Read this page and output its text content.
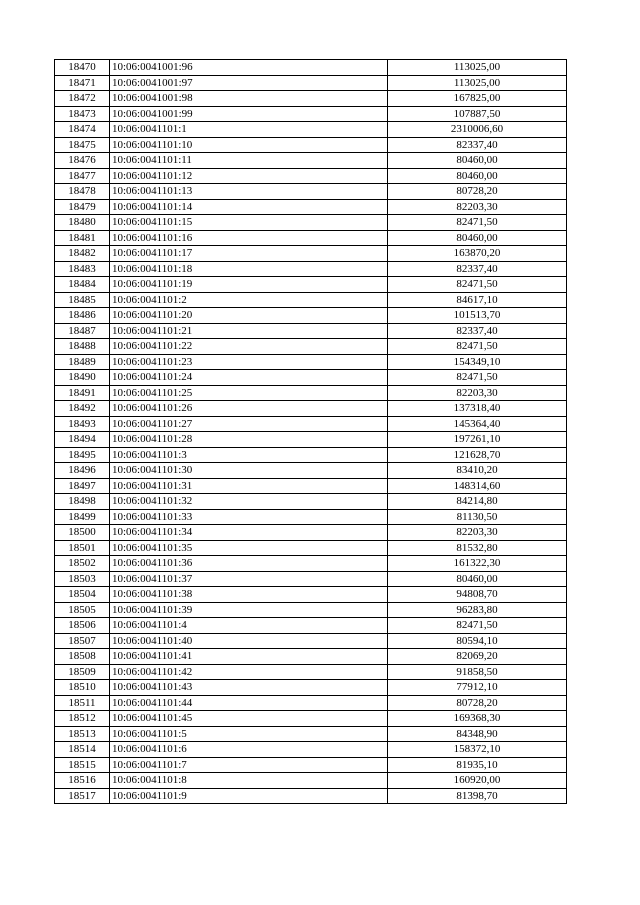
18470	10:06:0041001:96	113025,00
18471	10:06:0041001:97	113025,00
18472	10:06:0041001:98	167825,00
18473	10:06:0041001:99	107887,50
18474	10:06:0041101:1	2310006,60
18475	10:06:0041101:10	82337,40
18476	10:06:0041101:11	80460,00
18477	10:06:0041101:12	80460,00
18478	10:06:0041101:13	80728,20
18479	10:06:0041101:14	82203,30
18480	10:06:0041101:15	82471,50
18481	10:06:0041101:16	80460,00
18482	10:06:0041101:17	163870,20
18483	10:06:0041101:18	82337,40
18484	10:06:0041101:19	82471,50
18485	10:06:0041101:2	84617,10
18486	10:06:0041101:20	101513,70
18487	10:06:0041101:21	82337,40
18488	10:06:0041101:22	82471,50
18489	10:06:0041101:23	154349,10
18490	10:06:0041101:24	82471,50
18491	10:06:0041101:25	82203,30
18492	10:06:0041101:26	137318,40
18493	10:06:0041101:27	145364,40
18494	10:06:0041101:28	197261,10
18495	10:06:0041101:3	121628,70
18496	10:06:0041101:30	83410,20
18497	10:06:0041101:31	148314,60
18498	10:06:0041101:32	84214,80
18499	10:06:0041101:33	81130,50
18500	10:06:0041101:34	82203,30
18501	10:06:0041101:35	81532,80
18502	10:06:0041101:36	161322,30
18503	10:06:0041101:37	80460,00
18504	10:06:0041101:38	94808,70
18505	10:06:0041101:39	96283,80
18506	10:06:0041101:4	82471,50
18507	10:06:0041101:40	80594,10
18508	10:06:0041101:41	82069,20
18509	10:06:0041101:42	91858,50
18510	10:06:0041101:43	77912,10
18511	10:06:0041101:44	80728,20
18512	10:06:0041101:45	169368,30
18513	10:06:0041101:5	84348,90
18514	10:06:0041101:6	158372,10
18515	10:06:0041101:7	81935,10
18516	10:06:0041101:8	160920,00
18517	10:06:0041101:9	81398,70
